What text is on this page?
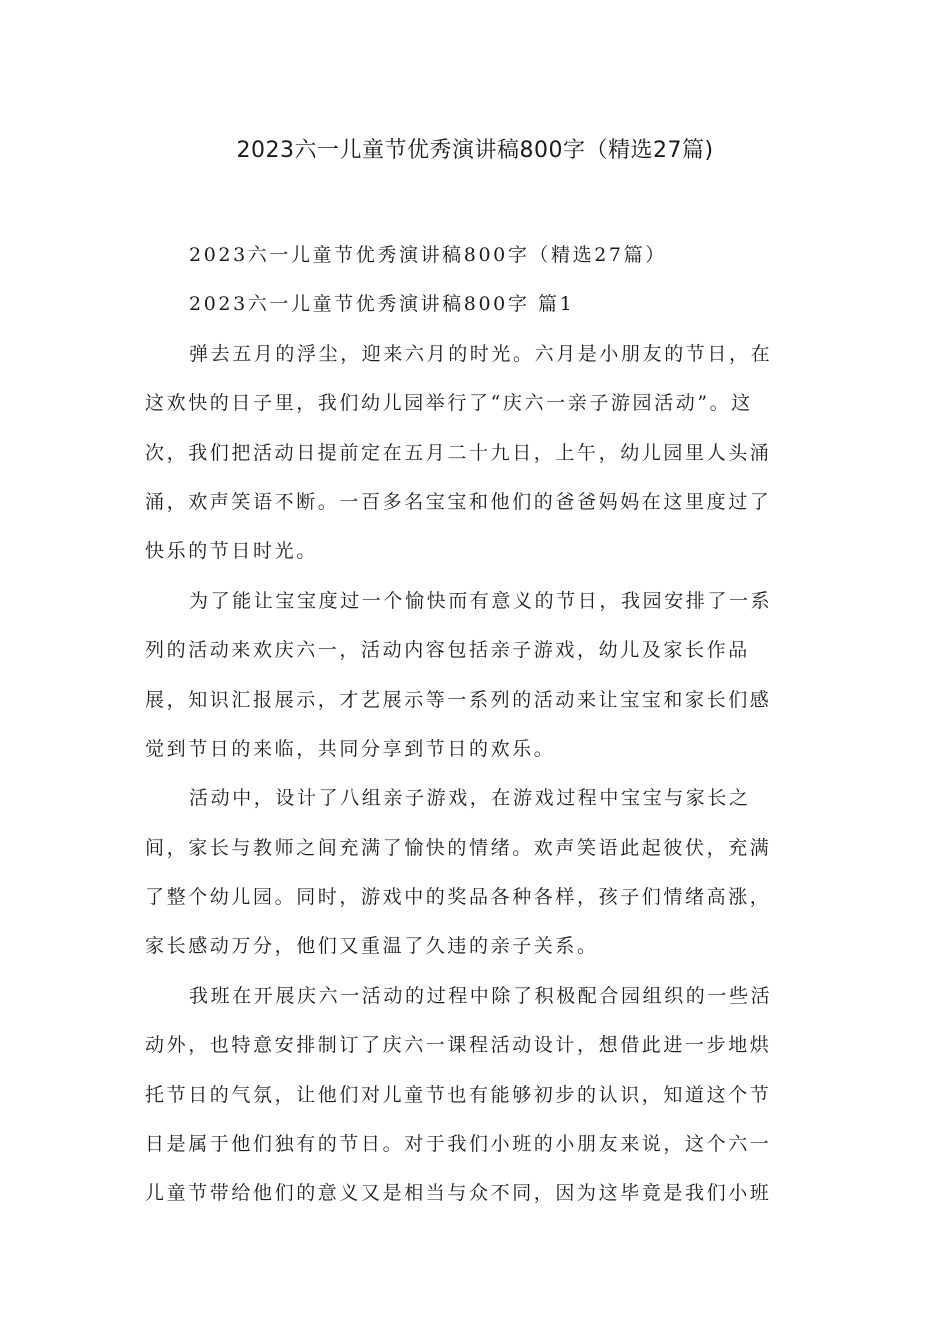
2023六一儿童节优秀演讲稿800字（精选27篇)
2023六一儿童节优秀演讲稿800字（精选27篇）
2023六一儿童节优秀演讲稿800字 篇1
弹去五月的浮尘，迎来六月的时光。六月是小朋友的节日，在
这欢快的日子里，我们幼儿园举行了“庆六一亲子游园活动”。这
次，我们把活动日提前定在五月二十九日，上午，幼儿园里人头涌
涌，欢声笑语不断。一百多名宝宝和他们的爸爸妈妈在这里度过了
快乐的节日时光。
为了能让宝宝度过一个愉快而有意义的节日，我园安排了一系
列的活动来欢庆六一，活动内容包括亲子游戏，幼儿及家长作品
展，知识汇报展示，才艺展示等一系列的活动来让宝宝和家长们感
觉到节日的来临，共同分享到节日的欢乐。
活动中，设计了八组亲子游戏，在游戏过程中宝宝与家长之
间，家长与教师之间充满了愉快的情绪。欢声笑语此起彼伏，充满
了整个幼儿园。同时，游戏中的奖品各种各样，孩子们情绪高涨，
家长感动万分，他们又重温了久违的亲子关系。
我班在开展庆六一活动的过程中除了积极配合园组织的一些活
动外，也特意安排制订了庆六一课程活动设计，想借此进一步地烘
托节日的气氛，让他们对儿童节也有能够初步的认识，知道这个节
日是属于他们独有的节日。对于我们小班的小朋友来说，这个六一
儿童节带给他们的意义又是相当与众不同，因为这毕竟是我们小班
